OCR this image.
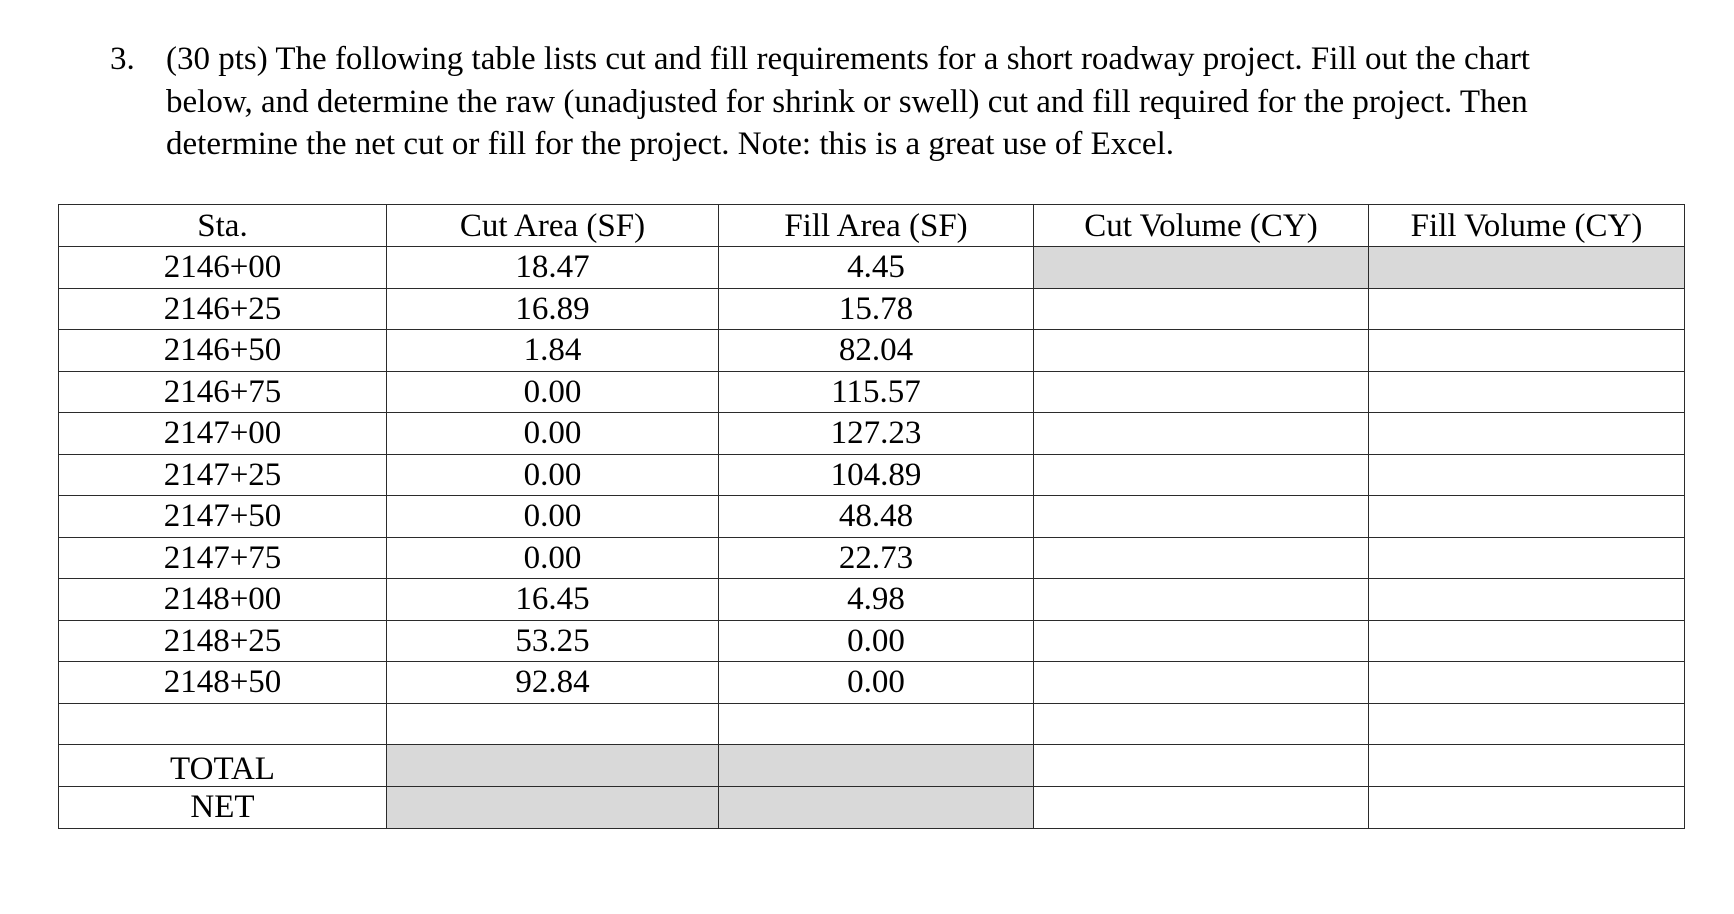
3. (30 pts) The following table lists cut and fill requirements for a short roadway project. Fill out the chart
below, and determine the raw (unadjusted for shrink or swell) cut and fill required for the project. Then
determine the net cut or fill for the project. Note: this is a great use of Excel.
Sta.	Cut Area (SF)	Fill Area (SF)	Cut Volume (CY)	Fill Volume (CY)
2146+00	18.47	4.45		
2146+25	16.89	15.78		
2146+50	1.84	82.04		
2146+75	0.00	115.57		
2147+00	0.00	127.23		
2147+25	0.00	104.89		
2147+50	0.00	48.48		
2147+75	0.00	22.73		
2148+00	16.45	4.98		
2148+25	53.25	0.00		
2148+50	92.84	0.00		

TOTAL				
NET				
